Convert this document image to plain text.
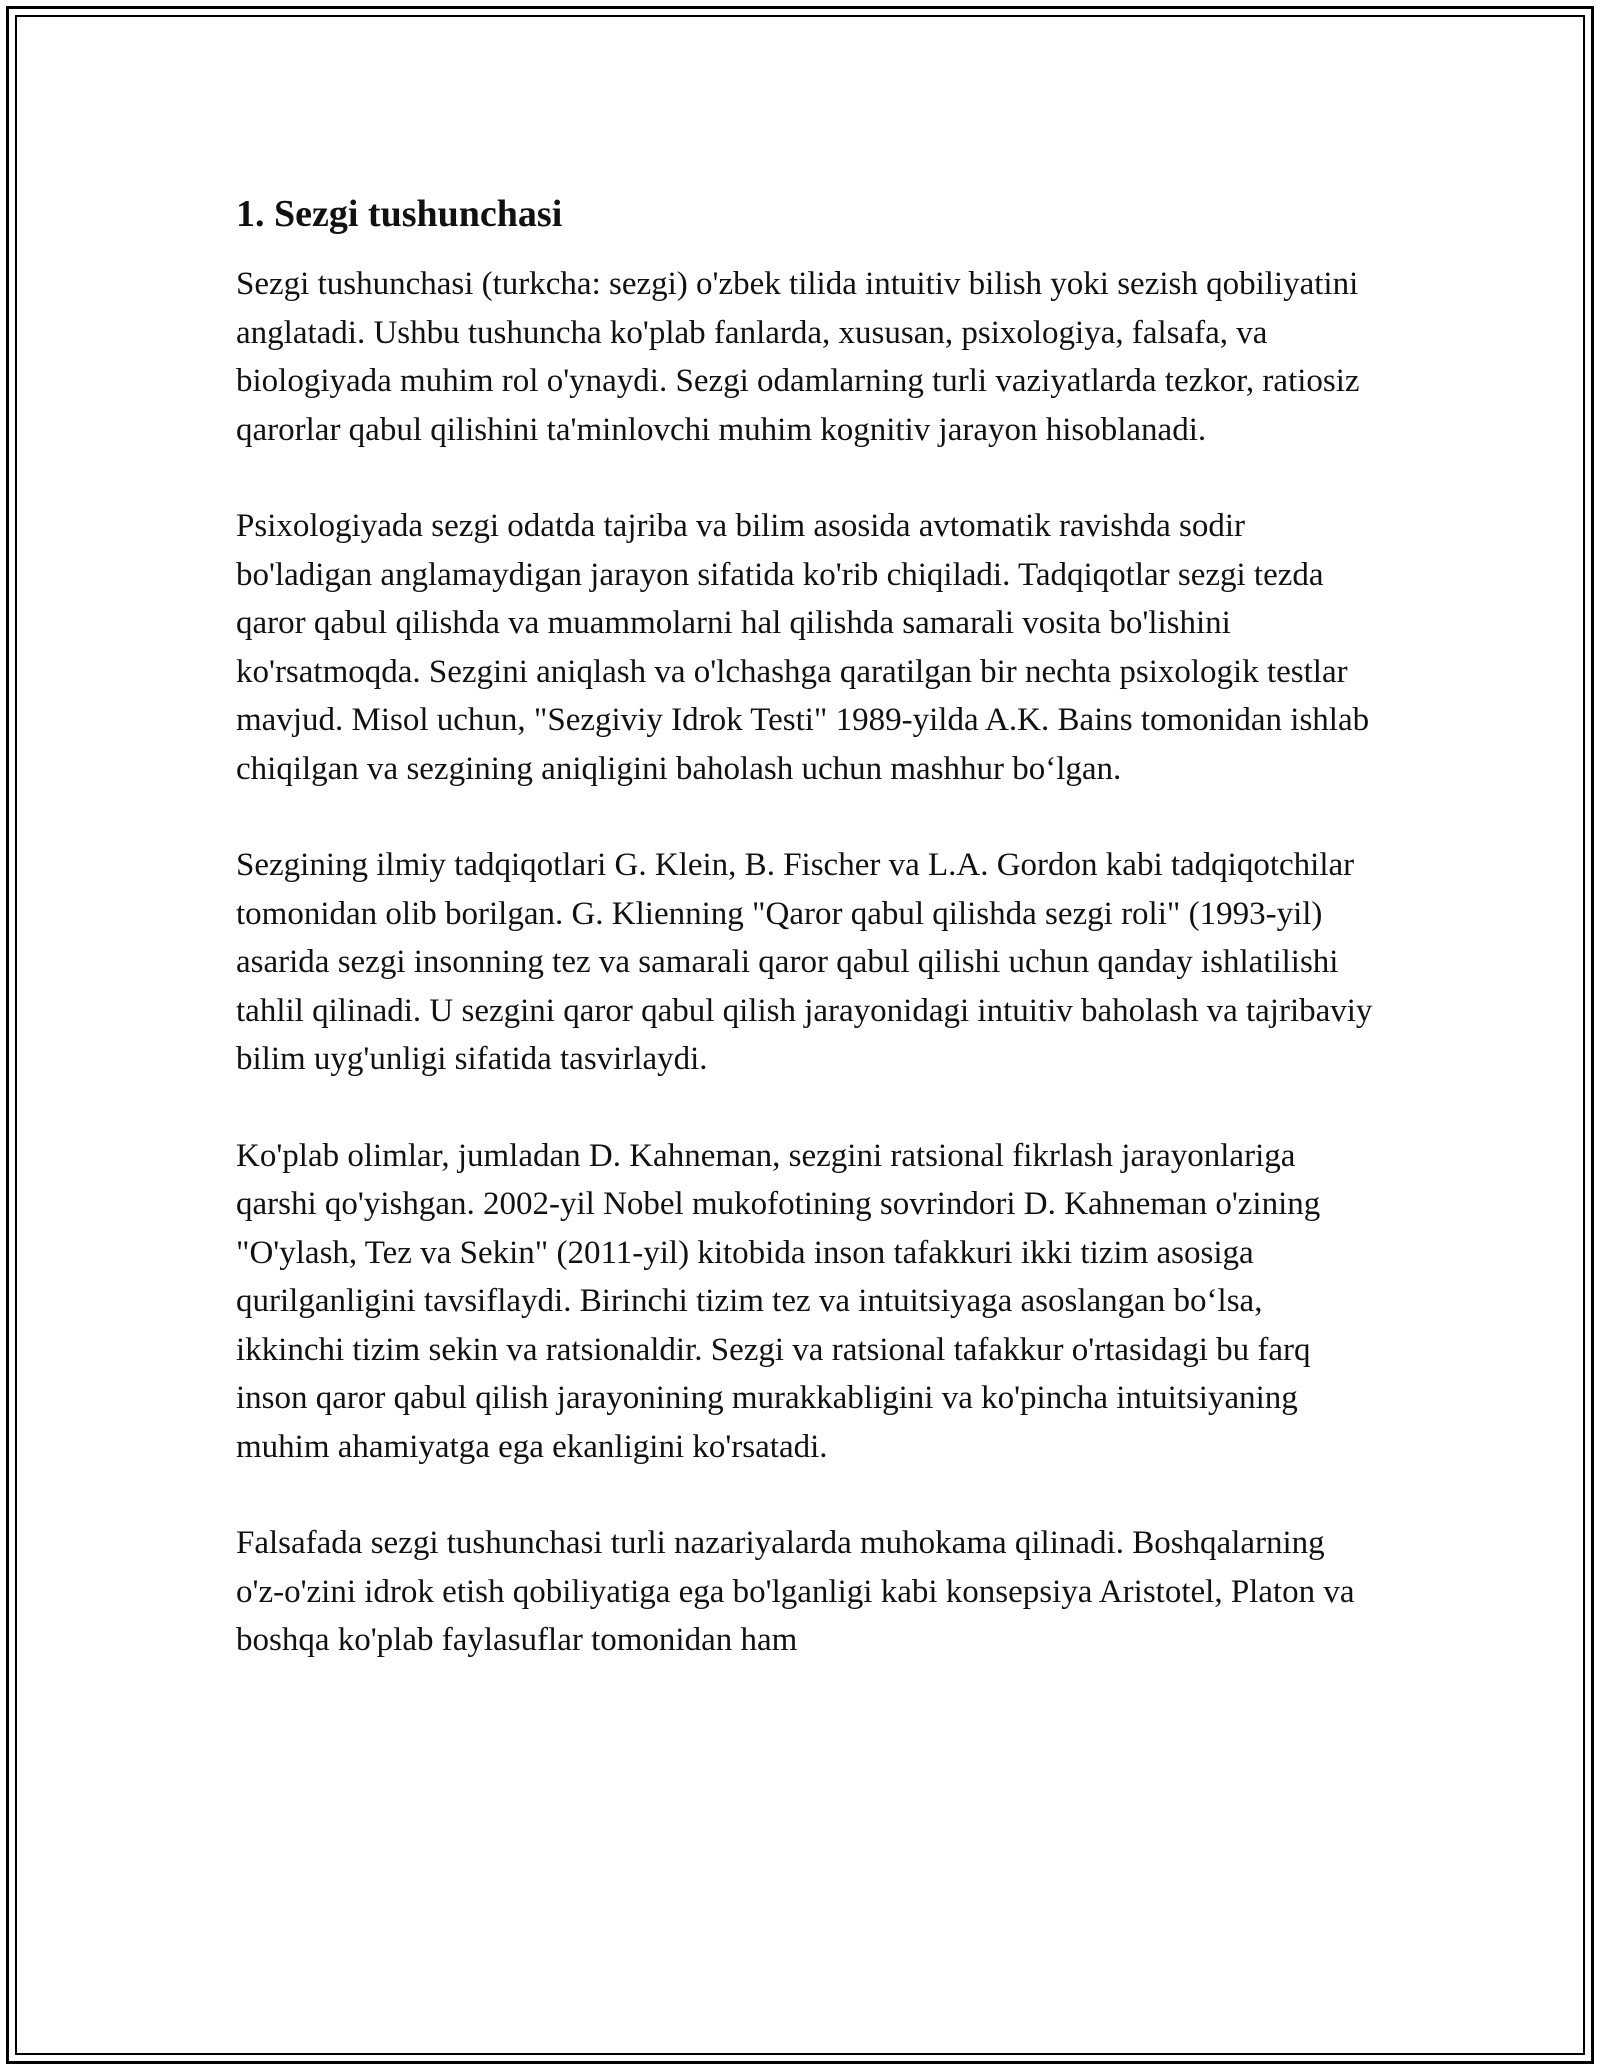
1. Sezgi tushunchasi

Sezgi tushunchasi (turkcha: sezgi) o'zbek tilida intuitiv bilish yoki sezish qobiliyatini anglatadi. Ushbu tushuncha ko'plab fanlarda, xususan, psixologiya, falsafa, va biologiyada muhim rol o'ynaydi. Sezgi odamlarning turli vaziyatlarda tezkor, ratiosiz qarorlar qabul qilishini ta'minlovchi muhim kognitiv jarayon hisoblanadi.

Psixologiyada sezgi odatda tajriba va bilim asosida avtomatik ravishda sodir bo'ladigan anglamaydigan jarayon sifatida ko'rib chiqiladi. Tadqiqotlar sezgi tezda qaror qabul qilishda va muammolarni hal qilishda samarali vosita bo'lishini ko'rsatmoqda. Sezgini aniqlash va o'lchashga qaratilgan bir nechta psixologik testlar mavjud. Misol uchun, "Sezgiviy Idrok Testi" 1989-yilda A.K. Bains tomonidan ishlab chiqilgan va sezgining aniqligini baholash uchun mashhur bo‘lgan.

Sezgining ilmiy tadqiqotlari G. Klein, B. Fischer va L.A. Gordon kabi tadqiqotchilar tomonidan olib borilgan. G. Klienning "Qaror qabul qilishda sezgi roli" (1993-yil) asarida sezgi insonning tez va samarali qaror qabul qilishi uchun qanday ishlatilishi tahlil qilinadi. U sezgini qaror qabul qilish jarayonidagi intuitiv baholash va tajribaviy bilim uyg'unligi sifatida tasvirlaydi.

Ko'plab olimlar, jumladan D. Kahneman, sezgini ratsional fikrlash jarayonlariga qarshi qo'yishgan. 2002-yil Nobel mukofotining sovrindori D. Kahneman o'zining "O'ylash, Tez va Sekin" (2011-yil) kitobida inson tafakkuri ikki tizim asosiga qurilganligini tavsiflaydi. Birinchi tizim tez va intuitsiyaga asoslangan bo‘lsa, ikkinchi tizim sekin va ratsionaldir. Sezgi va ratsional tafakkur o'rtasidagi bu farq inson qaror qabul qilish jarayonining murakkabligini va ko'pincha intuitsiyaning muhim ahamiyatga ega ekanligini ko'rsatadi.

Falsafada sezgi tushunchasi turli nazariyalarda muhokama qilinadi. Boshqalarning o'z-o'zini idrok etish qobiliyatiga ega bo'lganligi kabi konsepsiya Aristotel, Platon va boshqa ko'plab faylasuflar tomonidan ham
